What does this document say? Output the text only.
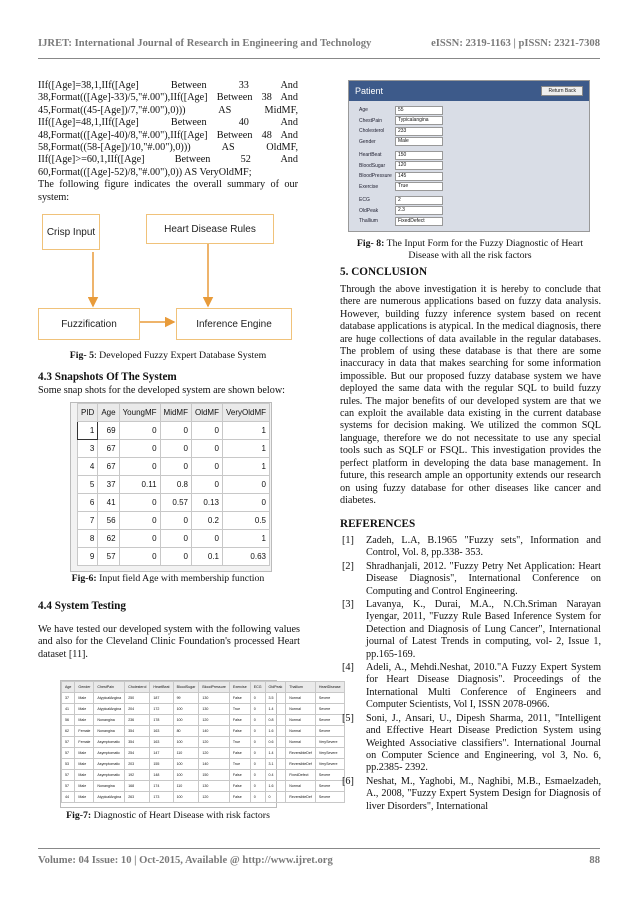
IJRET: International Journal of Research in Engineering and Technology	eISSN: 2319-1163 | pISSN: 2321-7308
IIf([Age]=38,1,IIf([Age] Between 33 And
38,Format(([Age]-33)/5,"#.00"),IIf([Age] Between 38 And
45,Format((45-[Age])/7,"#.00"),0))) AS MidMF,
IIf([Age]=48,1,IIf([Age] Between 40 And
48,Format(([Age]-40)/8,"#.00"),IIf([Age] Between 48 And
58,Format((58-[Age])/10,"#.00"),0))) AS OldMF,
IIf([Age]>=60,1,IIf([Age] Between 52 And
60,Format(([Age]-52)/8,"#.00"),0)) AS VeryOldMF;
The following figure indicates the overall summary of our system:
Crisp Input	Heart Disease Rules
Fuzzification	Inference Engine
Fig- 5: Developed Fuzzy Expert Database System
4.3 Snapshots Of The System
Some snap shots for the developed system are shown below:
PID	Age	YoungMF	MidMF	OldMF	VeryOldMF
1	69	0	0	0	1
3	67	0	0	0	1
4	67	0	0	0	1
5	37	0.11	0.8	0	0
6	41	0	0.57	0.13	0
7	56	0	0	0.2	0.5
8	62	0	0	0	1
9	57	0	0	0.1	0.63
Fig-6: Input field Age with membership function
4.4 System Testing
We have tested our developed system with the following values and also for the Cleveland Clinic Foundation's processed Heart dataset [11].
Age	Gender	ChestPain	Cholesterol	HeartBeat	BloodSugar	BloodPressure	Exercise	ECG	OldPeak	Thallium	HeartDisease
37	Male	AtypicalAngina	250	187	99	130	False	0	3.5	Normal	Severe
41	Male	AtypicalAngina	204	172	100	130	True	0	1.4	Normal	Severe
56	Male	Nonangina	236	178	100	120	False	0	0.8	Normal	Severe
62	Female	Nonangina	354	163	80	140	False	0	1.6	Normal	Severe
57	Female	Asymptomatic	354	163	100	120	True	0	0.6	Normal	VerySevere
57	Male	Asymptomatic	254	147	110	120	False	0	1.4	ReversibleDef	VerySevere
53	Male	Asymptomatic	203	155	100	140	True	0	3.1	ReversibleDef	VerySevere
57	Male	Asymptomatic	192	148	100	150	False	0	0.4	FixedDefect	Severe
57	Male	Nonangina	168	174	110	130	False	0	1.6	Normal	Severe
44	Male	AtypicalAngina	263	173	100	120	False	0	0	ReversibleDef	Severe
Fig-7: Diagnostic of Heart Disease with risk factors
Patient	Return Back
Age	55
ChestPain	Typicalangina
Cholesterol	233
Gender	Male
HeartBeat	150
BloodSugar	120
BloodPressure	145
Exercise	True
ECG	2
OldPeak	2.3
Thallium	FixedDefect
Fig- 8: The Input Form for the Fuzzy Diagnostic of Heart
Disease with all the risk factors
5. CONCLUSION
Through the above investigation it is hereby to conclude that there are numerous applications based on fuzzy data analysis. However, building fuzzy inference system based on recent database applications is atypical. In the medical diagnosis, there are huge collections of data available in the regular databases. The problem of using these database is that there are some inaccuracy in data that makes searching for some information impossible. But our proposed fuzzy database system we have deployed the same data with the regular SQL to build fuzzy rules. The major benefits of our developed system are that we can exploit the available data existing in the current database systems for decision making. We utilized the common SQL language, therefore we do not necessitate to use any special tools such as SQLF or FSQL. This investigation provides the perfect platform in developing the data base management. In future, this research ample an opportunity extends our research on using fuzzy database for other diseases like cancer and diabetes.
REFERENCES
[1]	Zadeh, L.A, B.1965 "Fuzzy sets", Information and Control, Vol. 8, pp.338- 353.
[2]	Shradhanjali, 2012. "Fuzzy Petry Net Application: Heart Disease Diagnosis", International Conference on Computing and Control Engineering.
[3]	Lavanya, K., Durai, M.A., N.Ch.Sriman Narayan Iyengar, 2011, "Fuzzy Rule Based Inference System for Detection and Diagnosis of Lung Cancer", International journal of Latest Trends in computing, vol- 2, Issue 1, pp.165-169.
[4]	Adeli, A., Mehdi.Neshat, 2010."A Fuzzy Expert System for Heart Disease Diagnosis". Proceedings of the International Multi Conference of Engineers and Computer Scientists, Vol I, ISSN 2078-0966.
[5]	Soni, J., Ansari, U., Dipesh Sharma, 2011, "Intelligent and Effective Heart Disease Prediction System using Weighted Associative classifiers". International Journal on Computer Science and Engineering, vol 3, No. 6, pp.2385- 2392.
[6]	Neshat, M., Yaghobi, M., Naghibi, M.B., Esmaelzadeh, A., 2008, "Fuzzy Expert System Design for Diagnosis of liver Disorders", International
Volume: 04 Issue: 10 | Oct-2015, Available @ http://www.ijret.org	88
